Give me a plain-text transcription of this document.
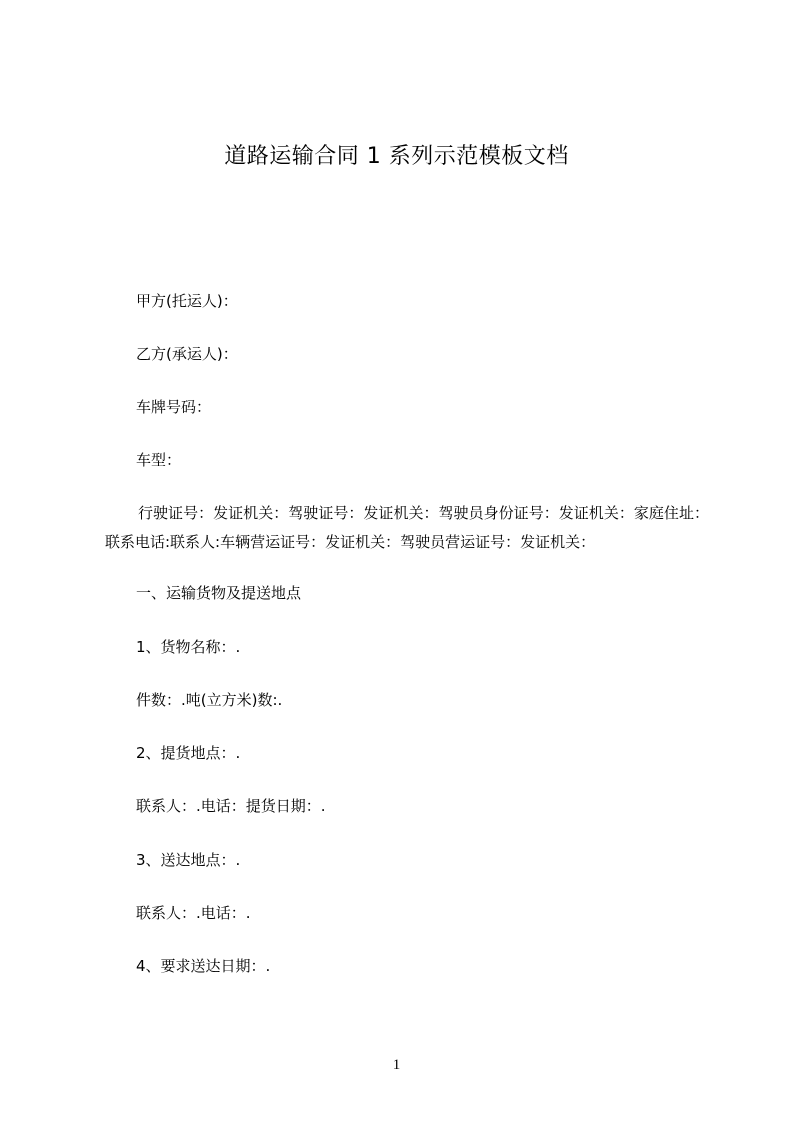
道路运输合同 1 系列示范模板文档
甲方(托运人)：
乙方(承运人)：
车牌号码：
车型：
行驶证号：发证机关：驾驶证号：发证机关：驾驶员身份证号：发证机关：家庭住址：联系电话:联系人:车辆营运证号：发证机关：驾驶员营运证号：发证机关：
一、运输货物及提送地点
1、货物名称：.
件数：.吨(立方米)数:.
2、提货地点：.
联系人：.电话：提货日期：.
3、送达地点：.
联系人：.电话：.
4、要求送达日期：.
1
